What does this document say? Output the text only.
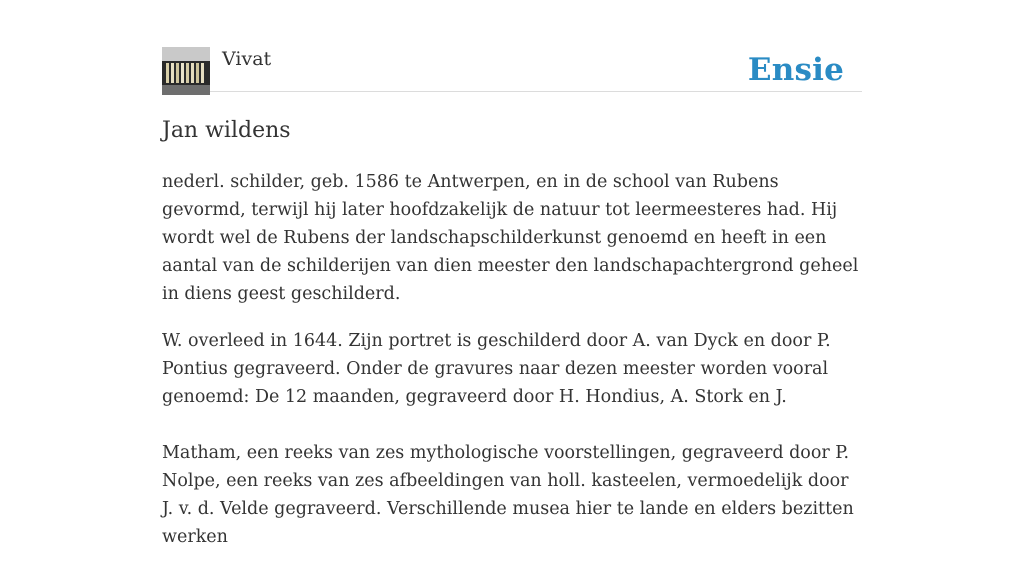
Vivat	Ensie
Jan wildens

nederl. schilder, geb. 1586 te Antwerpen, en in de school van Rubens gevormd, terwijl hij later hoofdzakelijk de natuur tot leermeesteres had. Hij wordt wel de Rubens der landschapschilderkunst genoemd en heeft in een aantal van de schilderijen van dien meester den landschapachtergrond geheel in diens geest geschilderd.

W. overleed in 1644. Zijn portret is geschilderd door A. van Dyck en door P. Pontius gegraveerd. Onder de gravures naar dezen meester worden vooral genoemd: De 12 maanden, gegraveerd door H. Hondius, A. Stork en J.

Matham, een reeks van zes mythologische voorstellingen, gegraveerd door P. Nolpe, een reeks van zes afbeeldingen van holl. kasteelen, vermoedelijk door J. v. d. Velde gegraveerd. Verschillende musea hier te lande en elders bezitten werken
